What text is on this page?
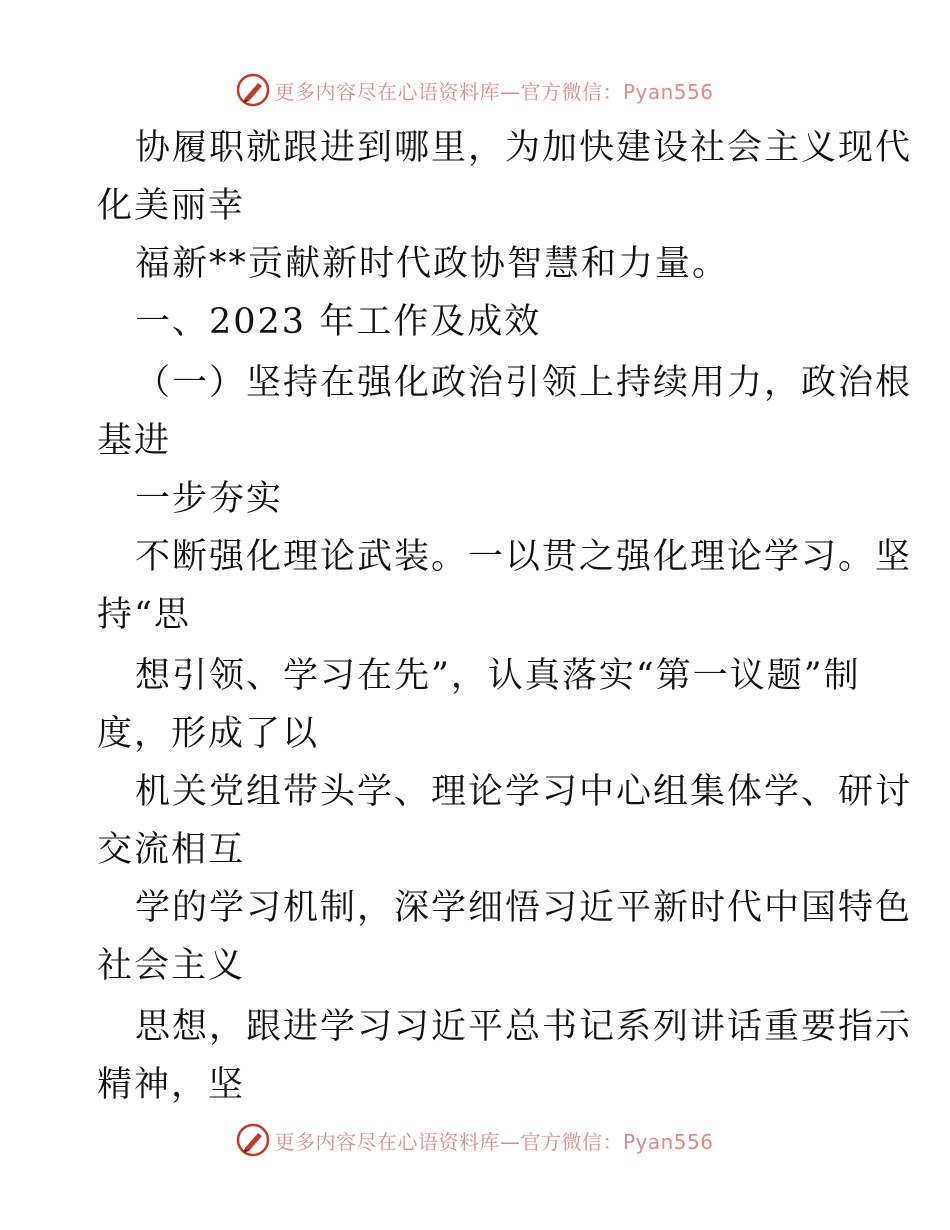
更多内容尽在心语资料库—官方微信：Pyan556
协履职就跟进到哪里，为加快建设社会主义现代
化美丽幸
福新**贡献新时代政协智慧和力量。
一、2023 年工作及成效
（一）坚持在强化政治引领上持续用力，政治根
基进
一步夯实
不断强化理论武装。一以贯之强化理论学习。坚
持“思
想引领、学习在先”，认真落实“第一议题”制
度，形成了以
机关党组带头学、理论学习中心组集体学、研讨
交流相互
学的学习机制，深学细悟习近平新时代中国特色
社会主义
思想，跟进学习习近平总书记系列讲话重要指示
精神，坚
更多内容尽在心语资料库—官方微信：Pyan556
